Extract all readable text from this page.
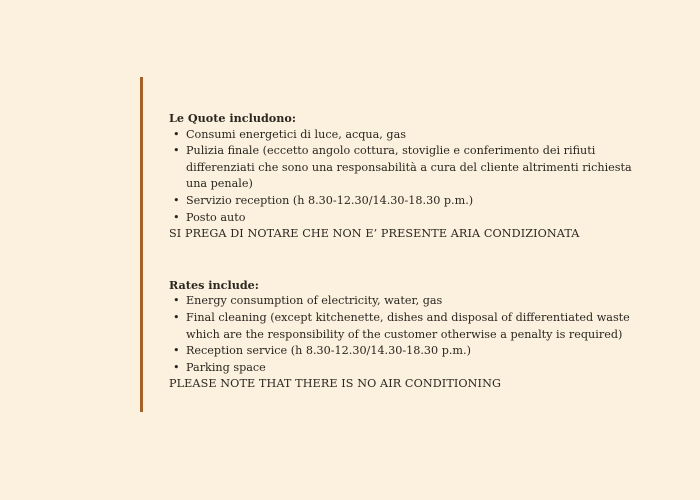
Le Quote includono:

• Consumi energetici di luce, acqua, gas
• Pulizia finale (eccetto angolo cottura, stoviglie e conferimento dei rifiuti differenziati che sono una responsabilità a cura del cliente altrimenti richiesta una penale)
• Servizio reception (h 8.30-12.30/14.30-18.30 p.m.)
• Posto auto

SI PREGA DI NOTARE CHE NON E’ PRESENTE ARIA CONDIZIONATA

Rates include:

• Energy consumption of electricity, water, gas
• Final cleaning (except kitchenette, dishes and disposal of differentiated waste which are the responsibility of the customer otherwise a penalty is required)
• Reception service (h 8.30-12.30/14.30-18.30 p.m.)
• Parking space

PLEASE NOTE THAT THERE IS NO AIR CONDITIONING
